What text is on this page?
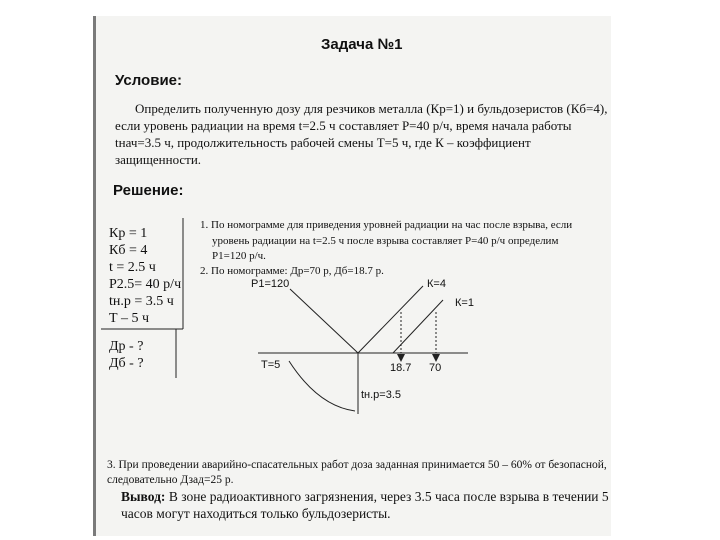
Задача №1
Условие:
Определить полученную дозу для резчиков металла (Кр=1) и бульдозеристов (Кб=4), если уровень радиации на время t=2.5 ч составляет Р=40 р/ч, время начала работы tнач=3.5 ч, продолжительность рабочей смены Т=5 ч, где К – коэффициент защищенности.
Решение:
Кр = 1
Кб = 4
t = 2.5 ч
Р2.5= 40 р/ч
tн.р = 3.5 ч
Т – 5 ч
Др - ?
Дб - ?
1. По номограмме для приведения уровней радиации на час после взрыва, если
уровень радиации на t=2.5 ч после взрыва составляет Р=40 р/ч определим
Р1=120 р/ч.
2. По номограмме: Др=70 р, Дб=18.7 р.
Р1=120	К=4
К=1
Т=5	18.7 70
tн.р=3.5
3. При проведении аварийно-спасательных работ доза заданная принимается 50 – 60% от безопасной, следовательно Дзад=25 р.
Вывод: В зоне радиоактивного загрязнения, через 3.5 часа после взрыва в течении 5 часов могут находиться только бульдозеристы.
